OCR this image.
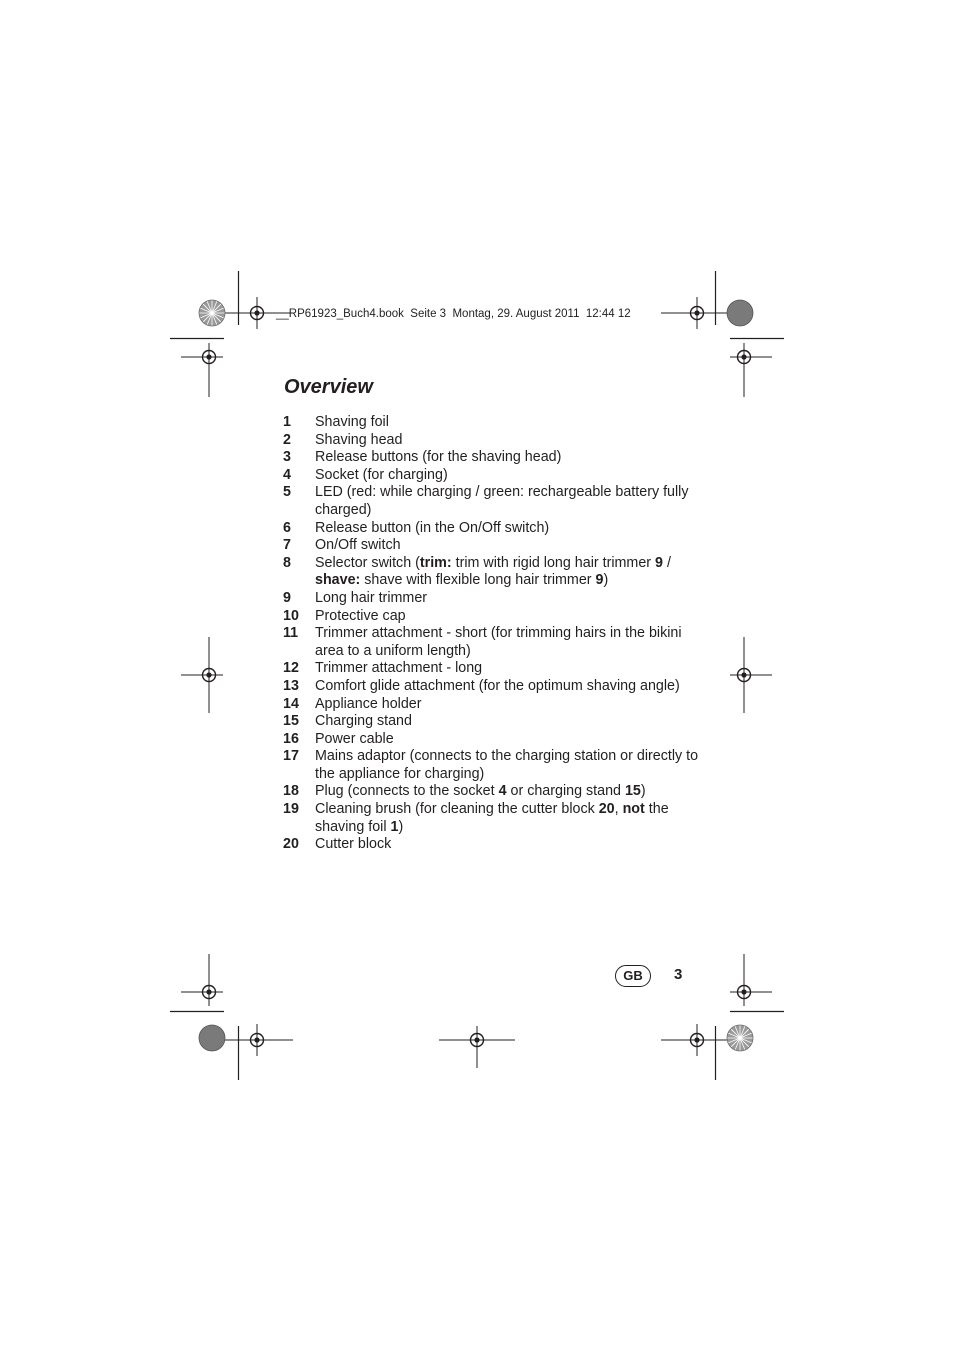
__RP61923_Buch4.book  Seite 3  Montag, 29. August 2011  12:44 12
Overview
1 Shaving foil
2 Shaving head
3 Release buttons (for the shaving head)
4 Socket (for charging)
5 LED (red: while charging / green: rechargeable battery fully charged)
6 Release button (in the On/Off switch)
7 On/Off switch
8 Selector switch (trim: trim with rigid long hair trimmer 9 / shave: shave with flexible long hair trimmer 9)
9 Long hair trimmer
10 Protective cap
11 Trimmer attachment - short (for trimming hairs in the bikini area to a uniform length)
12 Trimmer attachment - long
13 Comfort glide attachment (for the optimum shaving angle)
14 Appliance holder
15 Charging stand
16 Power cable
17 Mains adaptor (connects to the charging station or directly to the appliance for charging)
18 Plug (connects to the socket 4 or charging stand 15)
19 Cleaning brush (for cleaning the cutter block 20, not the shaving foil 1)
20 Cutter block
GB	3
